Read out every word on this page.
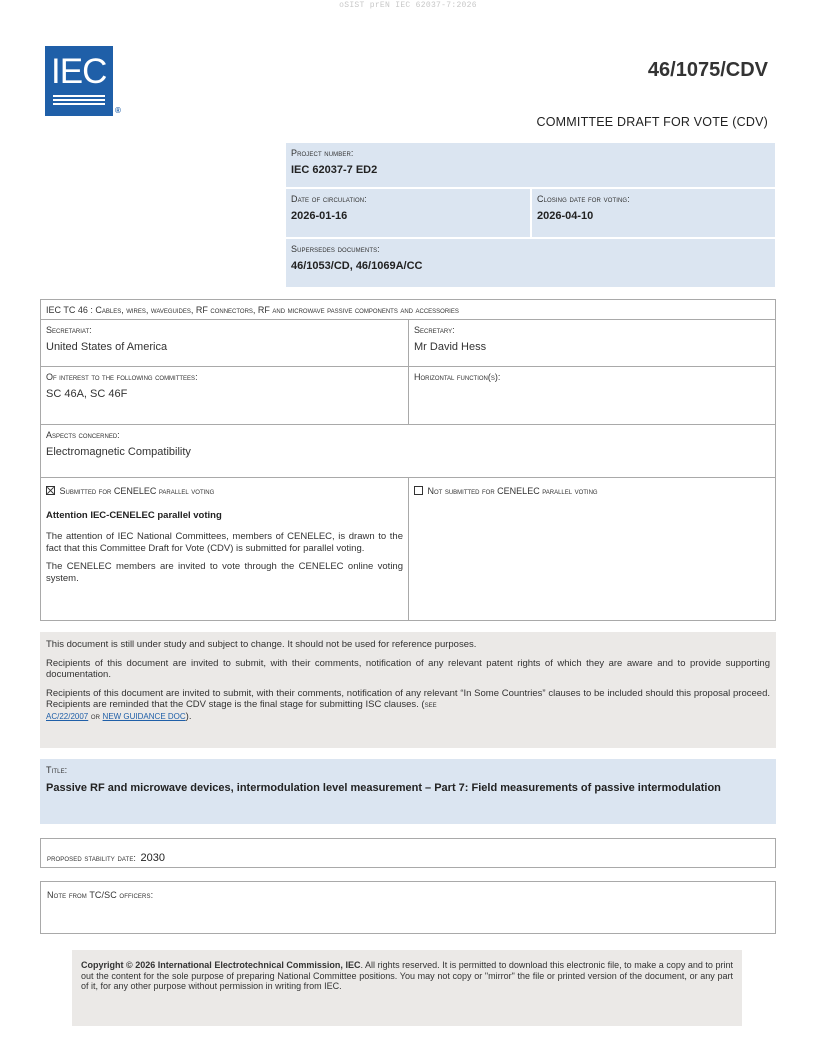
oSIST prEN IEC 62037-7:2026
IEC
®
46/1075/CDV
COMMITTEE DRAFT FOR VOTE (CDV)
Project number:
IEC 62037-7 ED2
Date of circulation:
2026-01-16
Closing date for voting:
2026-04-10
Supersedes documents:
46/1053/CD, 46/1069A/CC
IEC TC 46 : Cables, wires, waveguides, RF connectors, RF and microwave passive components and accessories
Secretariat:
United States of America
Secretary:
Mr David Hess
Of interest to the following committees:
SC 46A, SC 46F
Horizontal function(s):
Aspects concerned:
Electromagnetic Compatibility
Submitted for CENELEC parallel voting
Attention IEC-CENELEC parallel voting

The attention of IEC National Committees, members of CENELEC, is drawn to the fact that this Committee Draft for Vote (CDV) is submitted for parallel voting.

The CENELEC members are invited to vote through the CENELEC online voting system.

Not submitted for CENELEC parallel voting

This document is still under study and subject to change. It should not be used for reference purposes.

Recipients of this document are invited to submit, with their comments, notification of any relevant patent rights of which they are aware and to provide supporting documentation.

Recipients of this document are invited to submit, with their comments, notification of any relevant “In Some Countries” clauses to be included should this proposal proceed. Recipients are reminded that the CDV stage is the final stage for submitting ISC clauses. (see
AC/22/2007 or NEW GUIDANCE DOC).

Title:
Passive RF and microwave devices, intermodulation level measurement – Part 7: Field measurements of passive intermodulation
proposed stability date: 2030
Note from TC/SC officers:

Copyright © 2026 International Electrotechnical Commission, IEC. All rights reserved. It is permitted to download this electronic file, to make a copy and to print out the content for the sole purpose of preparing National Committee positions. You may not copy or "mirror" the file or printed version of the document, or any part of it, for any other purpose without permission in writing from IEC.
